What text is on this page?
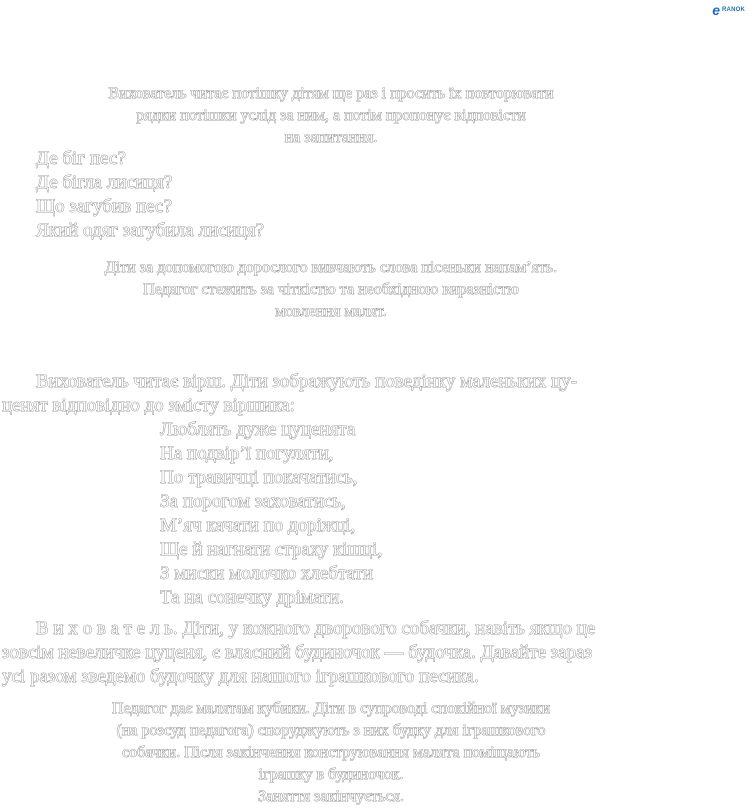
e RANOK
Вихователь читає потішку дітям ще раз і просить їх повторювати
рядки потішки услід за ним, а потім пропонує відповісти
на запитання.
Де біг пес?
Де бігла лисиця?
Що загубив пес?
Який одяг загубила лисиця?
Діти за допомогою дорослого вивчають слова пісеньки напам’ять.
Педагог стежить за чіткістю та необхідною виразністю
мовлення малят.
Вихователь читає вірш. Діти зображують поведінку маленьких цу-
ценят відповідно до змісту віршика:
Люблять дуже цуценята
На подвір’ї погуляти,
По травичці покачатись,
За порогом заховатись,
М’яч качати по доріжці,
Ще й нагнати страху кішці,
З миски молочко хлебтати
Та на сонечку дрімати.
В и х о в а т е л ь. Діти, у кожного дворового собачки, навіть якщо це
зовсім невеличке цуценя, є власний будиночок — будочка. Давайте зараз
усі разом зведемо будочку для нашого іграшкового песика.
Педагог дає малятам кубики. Діти в супроводі спокійної музики
(на розсуд педагога) споруджують з них будку для іграшкового
собачки. Після закінчення конструювання малята поміщають
іграшку в будиночок.
Заняття закінчується.
